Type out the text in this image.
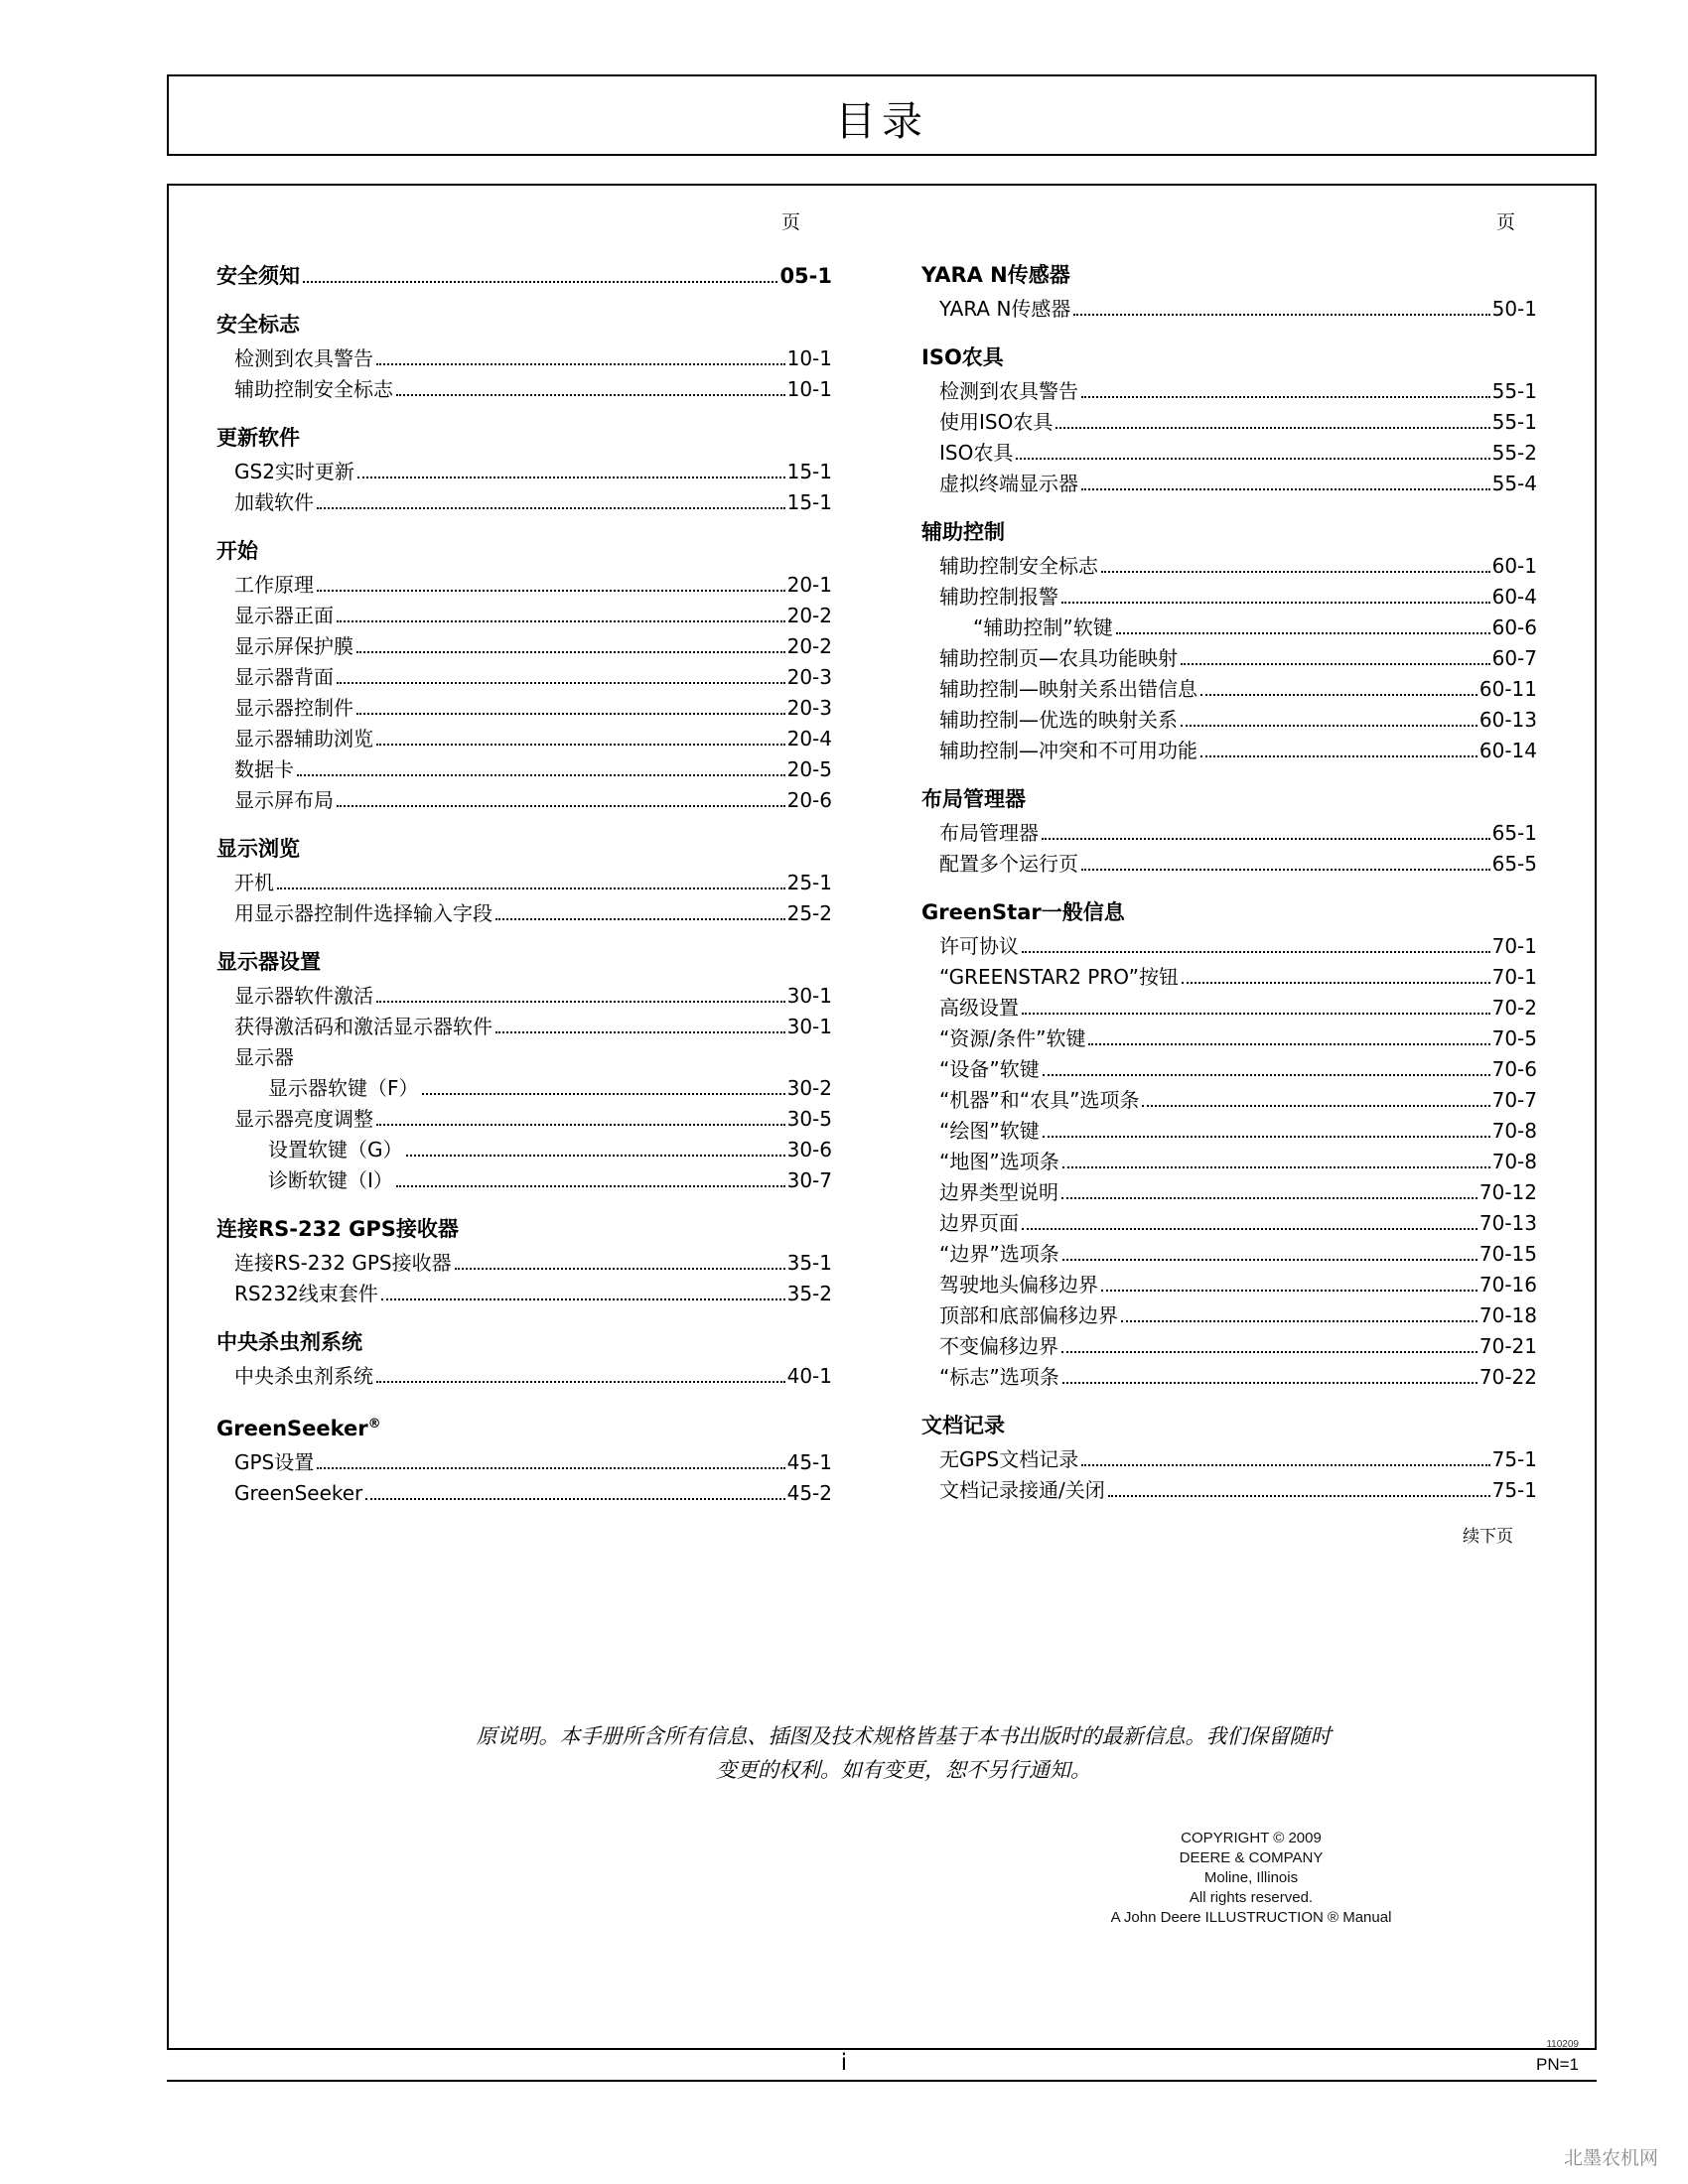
目录
页
安全须知	05-1
安全标志
检测到农具警告	10-1
辅助控制安全标志	10-1
更新软件
GS2实时更新	15-1
加载软件	15-1
开始
工作原理	20-1
显示器正面	20-2
显示屏保护膜	20-2
显示器背面	20-3
显示器控制件	20-3
显示器辅助浏览	20-4
数据卡	20-5
显示屏布局	20-6
显示浏览
开机	25-1
用显示器控制件选择输入字段	25-2
显示器设置
显示器软件激活	30-1
获得激活码和激活显示器软件	30-1
显示器
显示器软键（F）	30-2
显示器亮度调整	30-5
设置软键（G）	30-6
诊断软键（I）	30-7
连接RS-232 GPS接收器
连接RS-232 GPS接收器	35-1
RS232线束套件	35-2
中央杀虫剂系统
中央杀虫剂系统	40-1
GreenSeeker®
GPS设置	45-1
GreenSeeker	45-2
页
YARA N传感器
YARA N传感器	50-1
ISO农具
检测到农具警告	55-1
使用ISO农具	55-1
ISO农具	55-2
虚拟终端显示器	55-4
辅助控制
辅助控制安全标志	60-1
辅助控制报警	60-4
“辅助控制”软键	60-6
辅助控制页—农具功能映射	60-7
辅助控制—映射关系出错信息	60-11
辅助控制—优选的映射关系	60-13
辅助控制—冲突和不可用功能	60-14
布局管理器
布局管理器	65-1
配置多个运行页	65-5
GreenStar一般信息
许可协议	70-1
“GREENSTAR2 PRO”按钮	70-1
高级设置	70-2
“资源/条件”软键	70-5
“设备”软键	70-6
“机器”和“农具”选项条	70-7
“绘图”软键	70-8
“地图”选项条	70-8
边界类型说明	70-12
边界页面	70-13
“边界”选项条	70-15
驾驶地头偏移边界	70-16
顶部和底部偏移边界	70-18
不变偏移边界	70-21
“标志”选项条	70-22
文档记录
无GPS文档记录	75-1
文档记录接通/关闭	75-1
续下页
原说明。本手册所含所有信息、插图及技术规格皆基于本书出版时的最新信息。我们保留随时变更的权利。如有变更，恕不另行通知。
COPYRIGHT © 2009
DEERE & COMPANY
Moline, Illinois
All rights reserved.
A John Deere ILLUSTRUCTION ® Manual
i
110209
PN=1
北墨农机网
